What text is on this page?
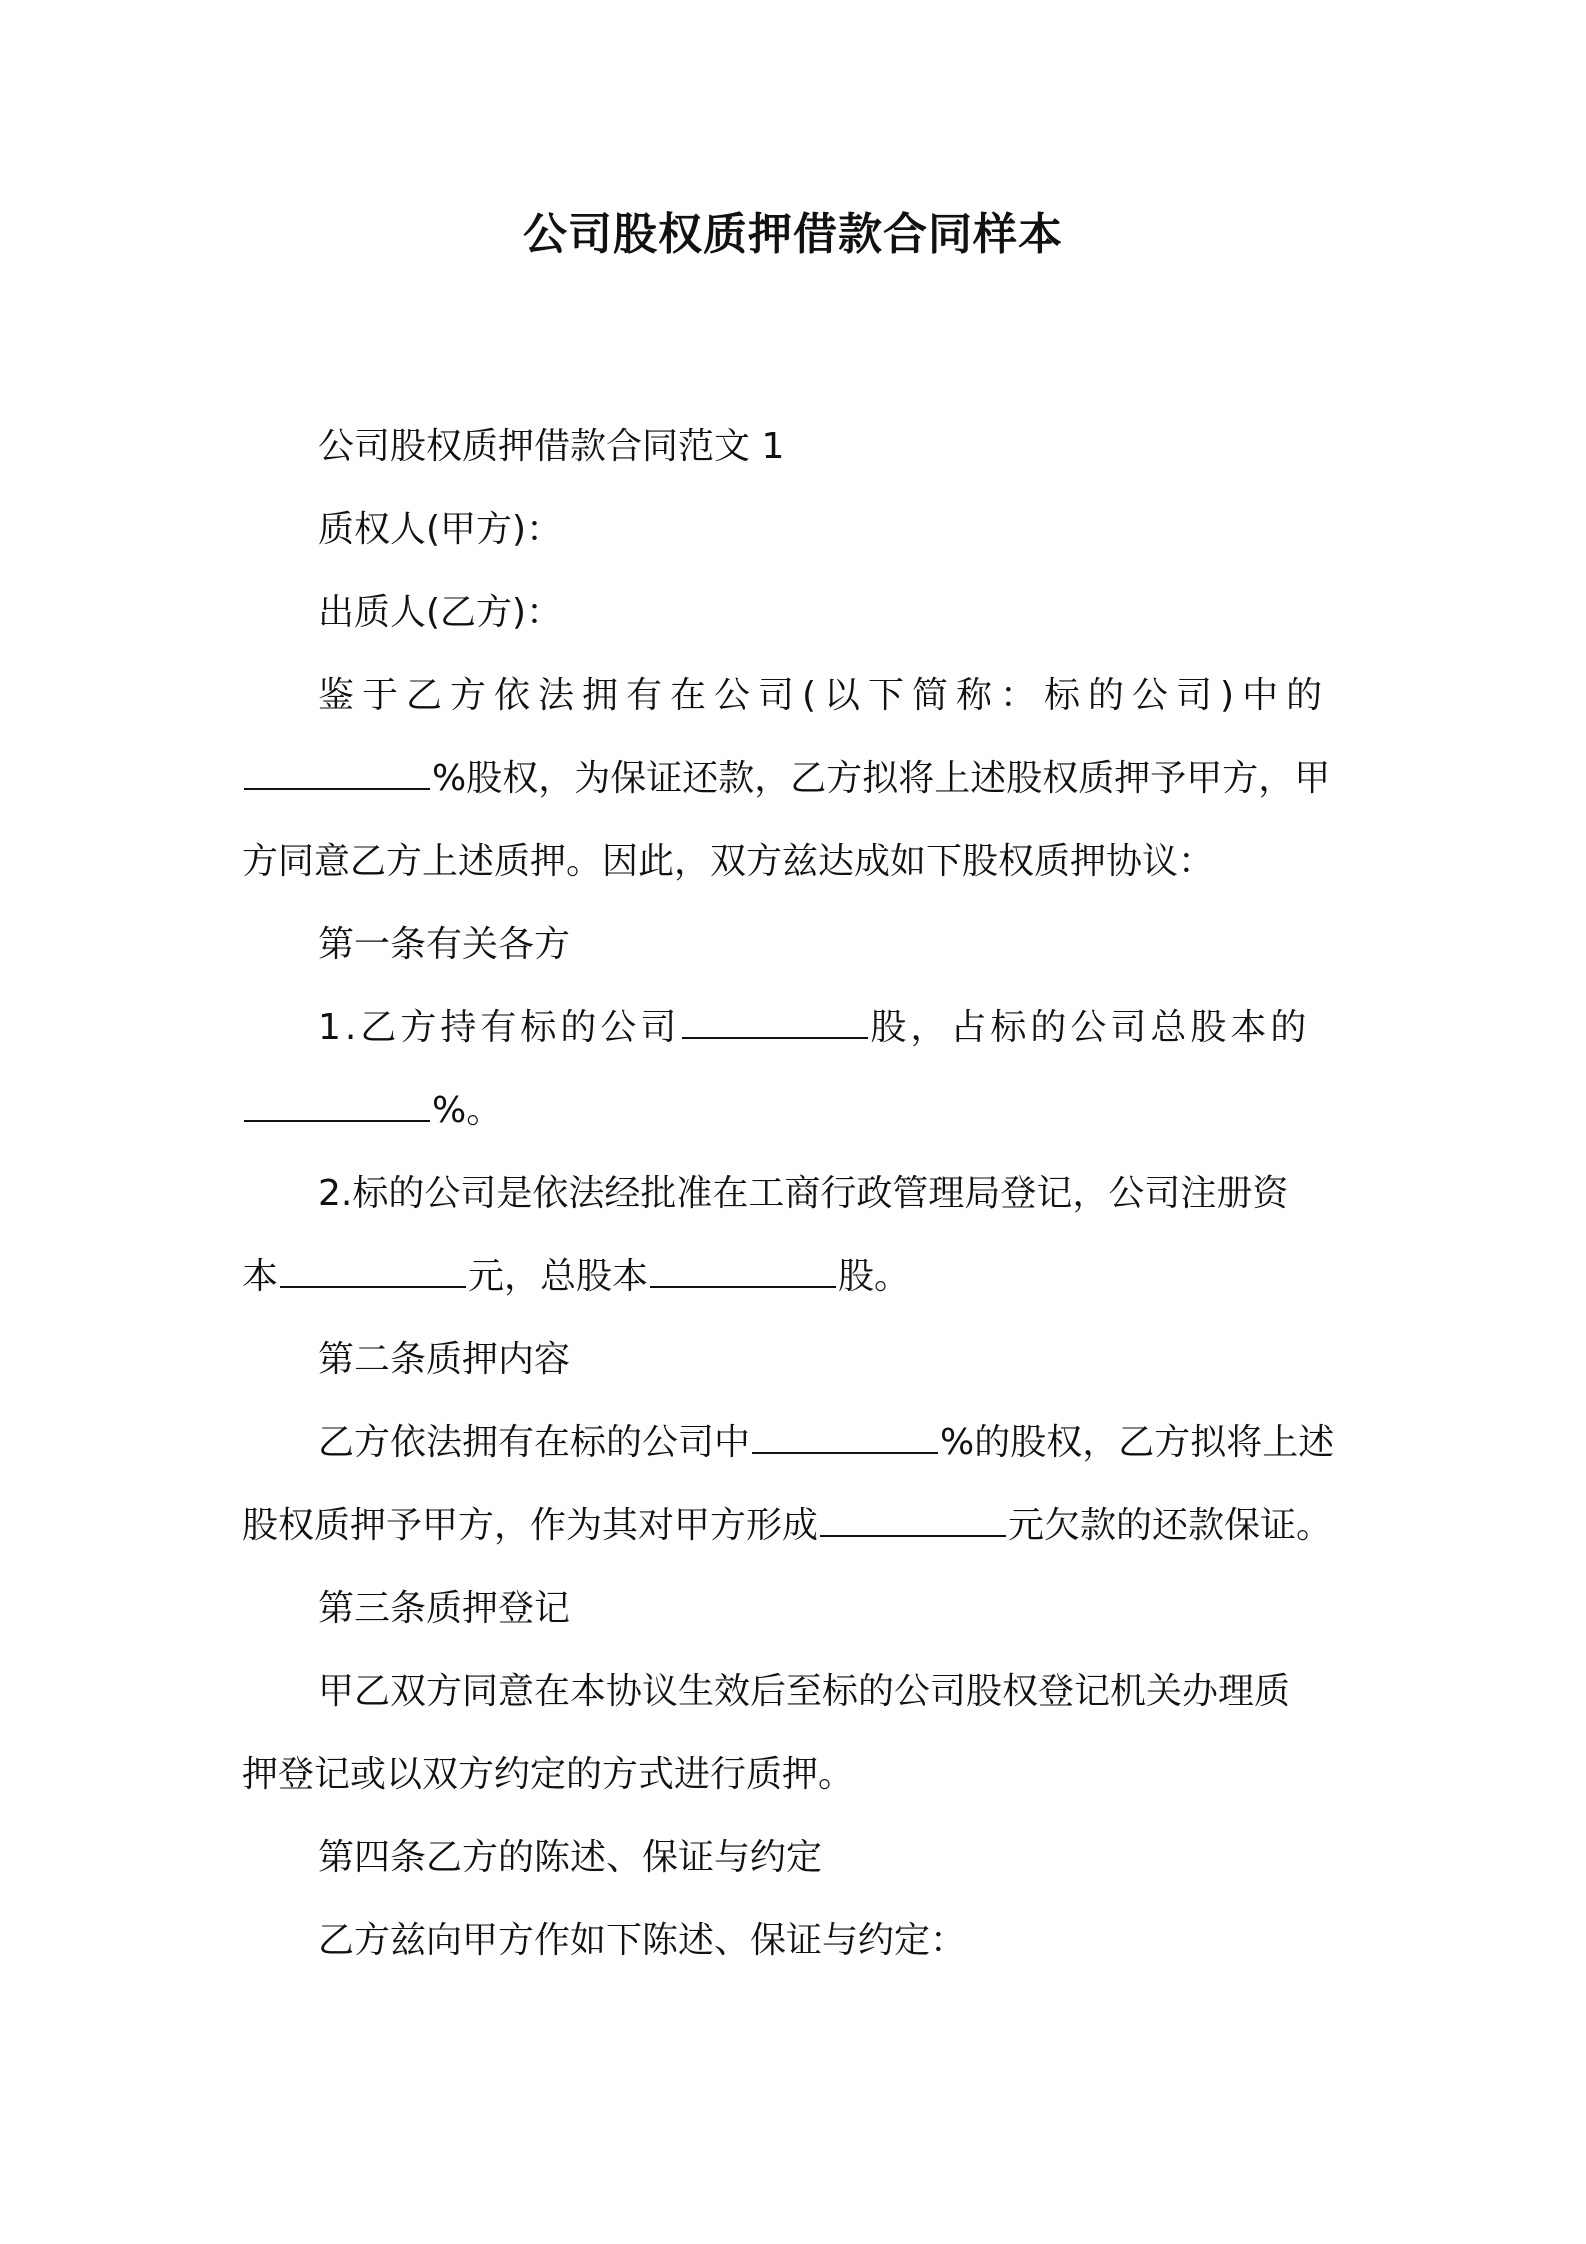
公司股权质押借款合同样本
公司股权质押借款合同范文 1
质权人(甲方)：
出质人(乙方)：
鉴于乙方依法拥有在公司(以下简称：标的公司)中的
%股权，为保证还款，乙方拟将上述股权质押予甲方，甲
方同意乙方上述质押。因此，双方兹达成如下股权质押协议：
第一条有关各方
1.乙方持有标的公司	股，占标的公司总股本的
%。
2.标的公司是依法经批准在工商行政管理局登记，公司注册资
本	元，总股本	股。
第二条质押内容
乙方依法拥有在标的公司中	%的股权，乙方拟将上述
股权质押予甲方，作为其对甲方形成	元欠款的还款保证。
第三条质押登记
甲乙双方同意在本协议生效后至标的公司股权登记机关办理质
押登记或以双方约定的方式进行质押。
第四条乙方的陈述、保证与约定
乙方兹向甲方作如下陈述、保证与约定：
